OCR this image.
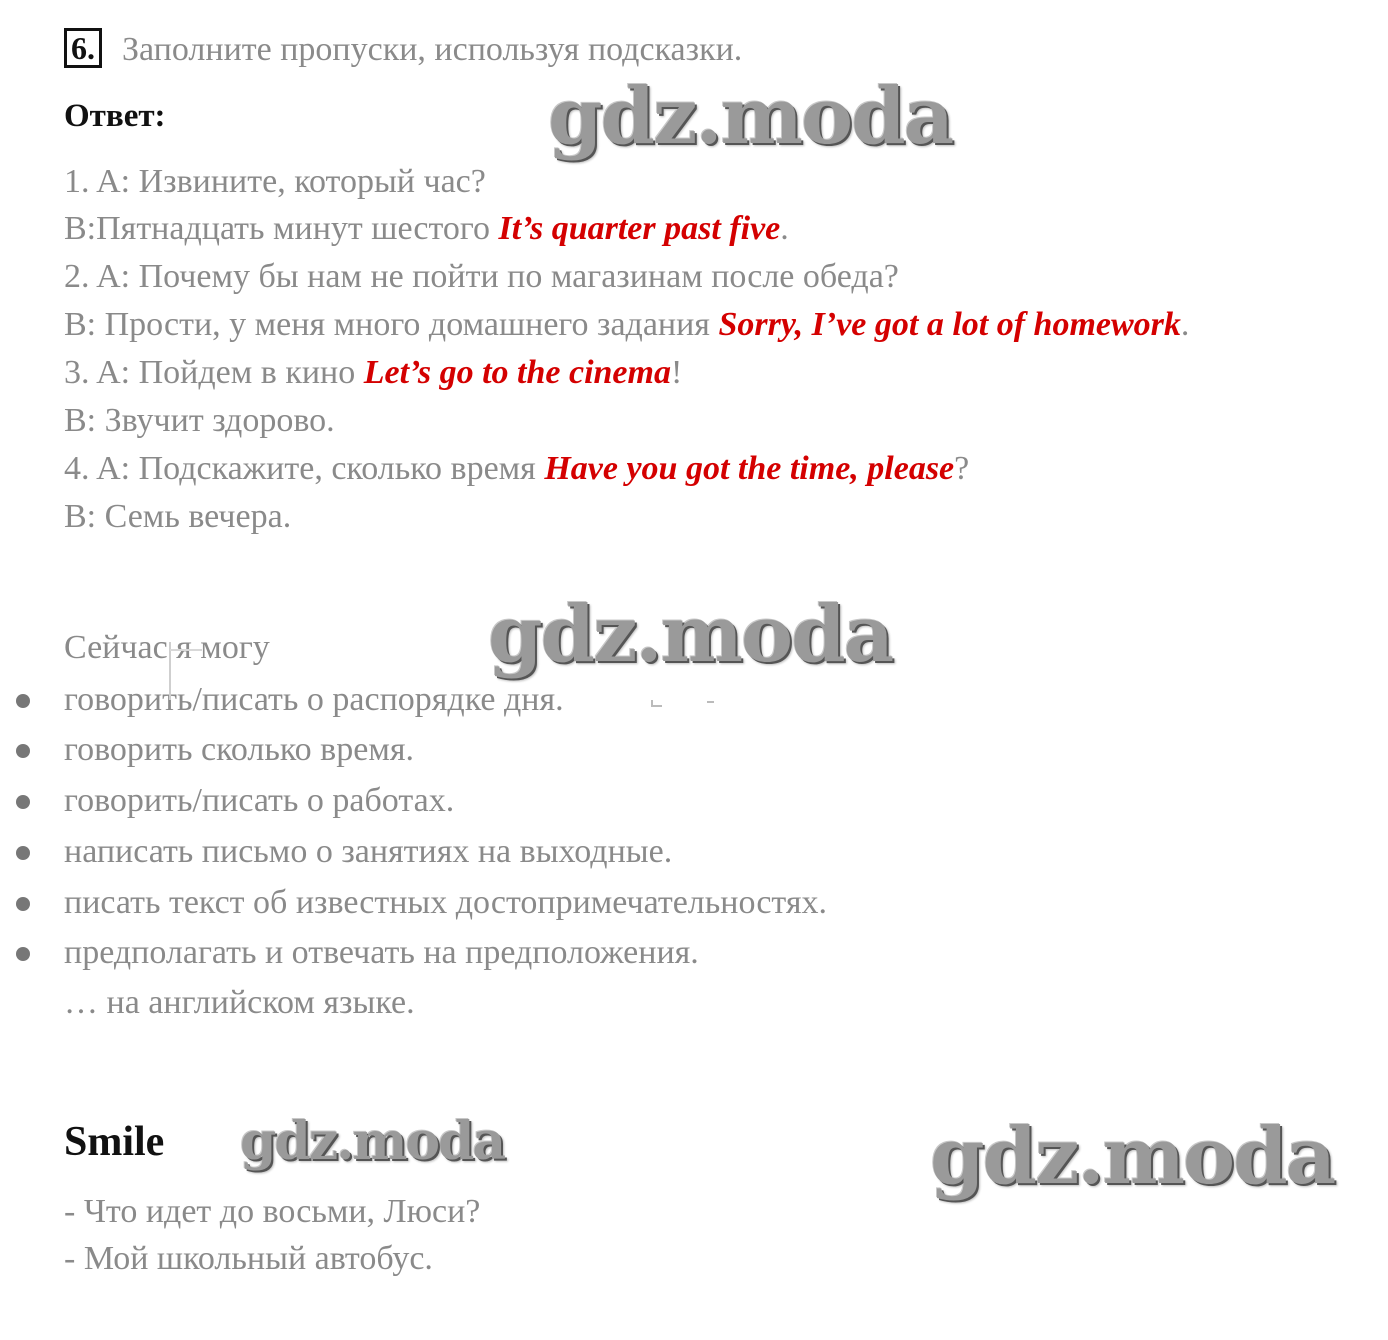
6. Заполните пропуски, используя подсказки.
Ответ:
1. A: Извините, который час?
B:Пятнадцать минут шестого It’s quarter past five.
2. A: Почему бы нам не пойти по магазинам после обеда?
B: Прости, у меня много домашнего задания Sorry, I’ve got a lot of homework.
3. A: Пойдем в кино Let’s go to the cinema!
B: Звучит здорово.
4. A: Подскажите, сколько время Have you got the time, please?
B: Семь вечера.
Сейчас я могу
говорить/писать о распорядке дня.
говорить сколько время.
говорить/писать о работах.
написать письмо о занятиях на выходные.
писать текст об известных достопримечательностях.
предполагать и отвечать на предположения.
… на английском языке.
Smile
- Что идет до восьми, Люси?
- Мой школьный автобус.
gdz.moda
gdz.moda
gdz.moda	gdz.moda
